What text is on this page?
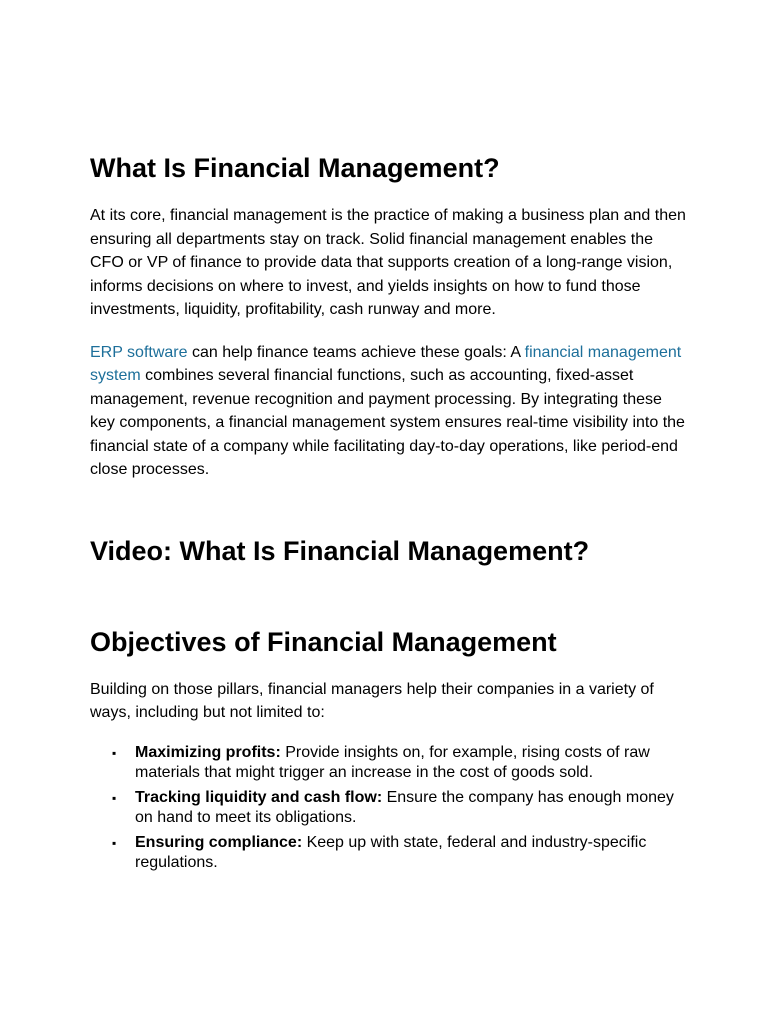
What Is Financial Management?

At its core, financial management is the practice of making a business plan and then ensuring all departments stay on track. Solid financial management enables the CFO or VP of finance to provide data that supports creation of a long-range vision, informs decisions on where to invest, and yields insights on how to fund those investments, liquidity, profitability, cash runway and more.

ERP software can help finance teams achieve these goals: A financial management system combines several financial functions, such as accounting, fixed-asset management, revenue recognition and payment processing. By integrating these key components, a financial management system ensures real-time visibility into the financial state of a company while facilitating day-to-day operations, like period-end close processes.

Video: What Is Financial Management?
Objectives of Financial Management

Building on those pillars, financial managers help their companies in a variety of ways, including but not limited to:

▪ Maximizing profits: Provide insights on, for example, rising costs of raw materials that might trigger an increase in the cost of goods sold.
▪ Tracking liquidity and cash flow: Ensure the company has enough money on hand to meet its obligations.
▪ Ensuring compliance: Keep up with state, federal and industry-specific regulations.
